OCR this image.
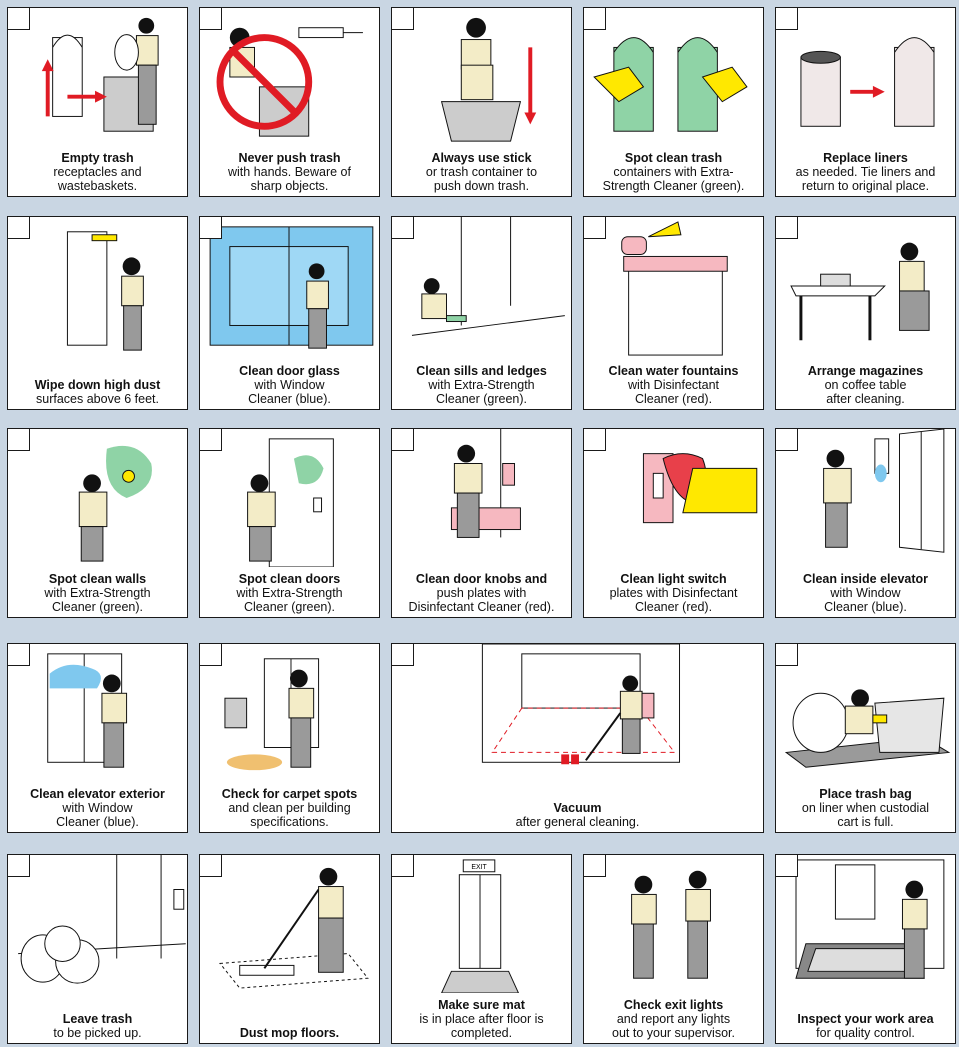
Empty trash
receptacles and
wastebaskets.
Never push trash
with hands. Beware of
sharp objects.
Always use stick
or trash container to
push down trash.
Spot clean trash
containers with Extra-
Strength Cleaner (green).
Replace liners
as needed. Tie liners and
return to original place.
Wipe down high dust
surfaces above 6 feet.
Clean door glass
with Window
Cleaner (blue).
Clean sills and ledges
with Extra-Strength
Cleaner (green).
Clean water fountains
with Disinfectant
Cleaner (red).
Arrange magazines
on coffee table
after cleaning.
Spot clean walls
with Extra-Strength
Cleaner (green).
Spot clean doors
with Extra-Strength
Cleaner (green).
Clean door knobs and
push plates with
Disinfectant Cleaner (red).
Clean light switch
plates with Disinfectant
Cleaner (red).
Clean inside elevator
with Window
Cleaner (blue).
Clean elevator exterior
with Window
Cleaner (blue).
Check for carpet spots
and clean per building
specifications.
Vacuum
after general cleaning.
Place trash bag
on liner when custodial
cart is full.
Leave trash
to be picked up.	Dust mop floors.
EXIT
Make sure mat
is in place after floor is
completed.
Check exit lights
and report any lights
out to your supervisor.
Inspect your work area
for quality control.
